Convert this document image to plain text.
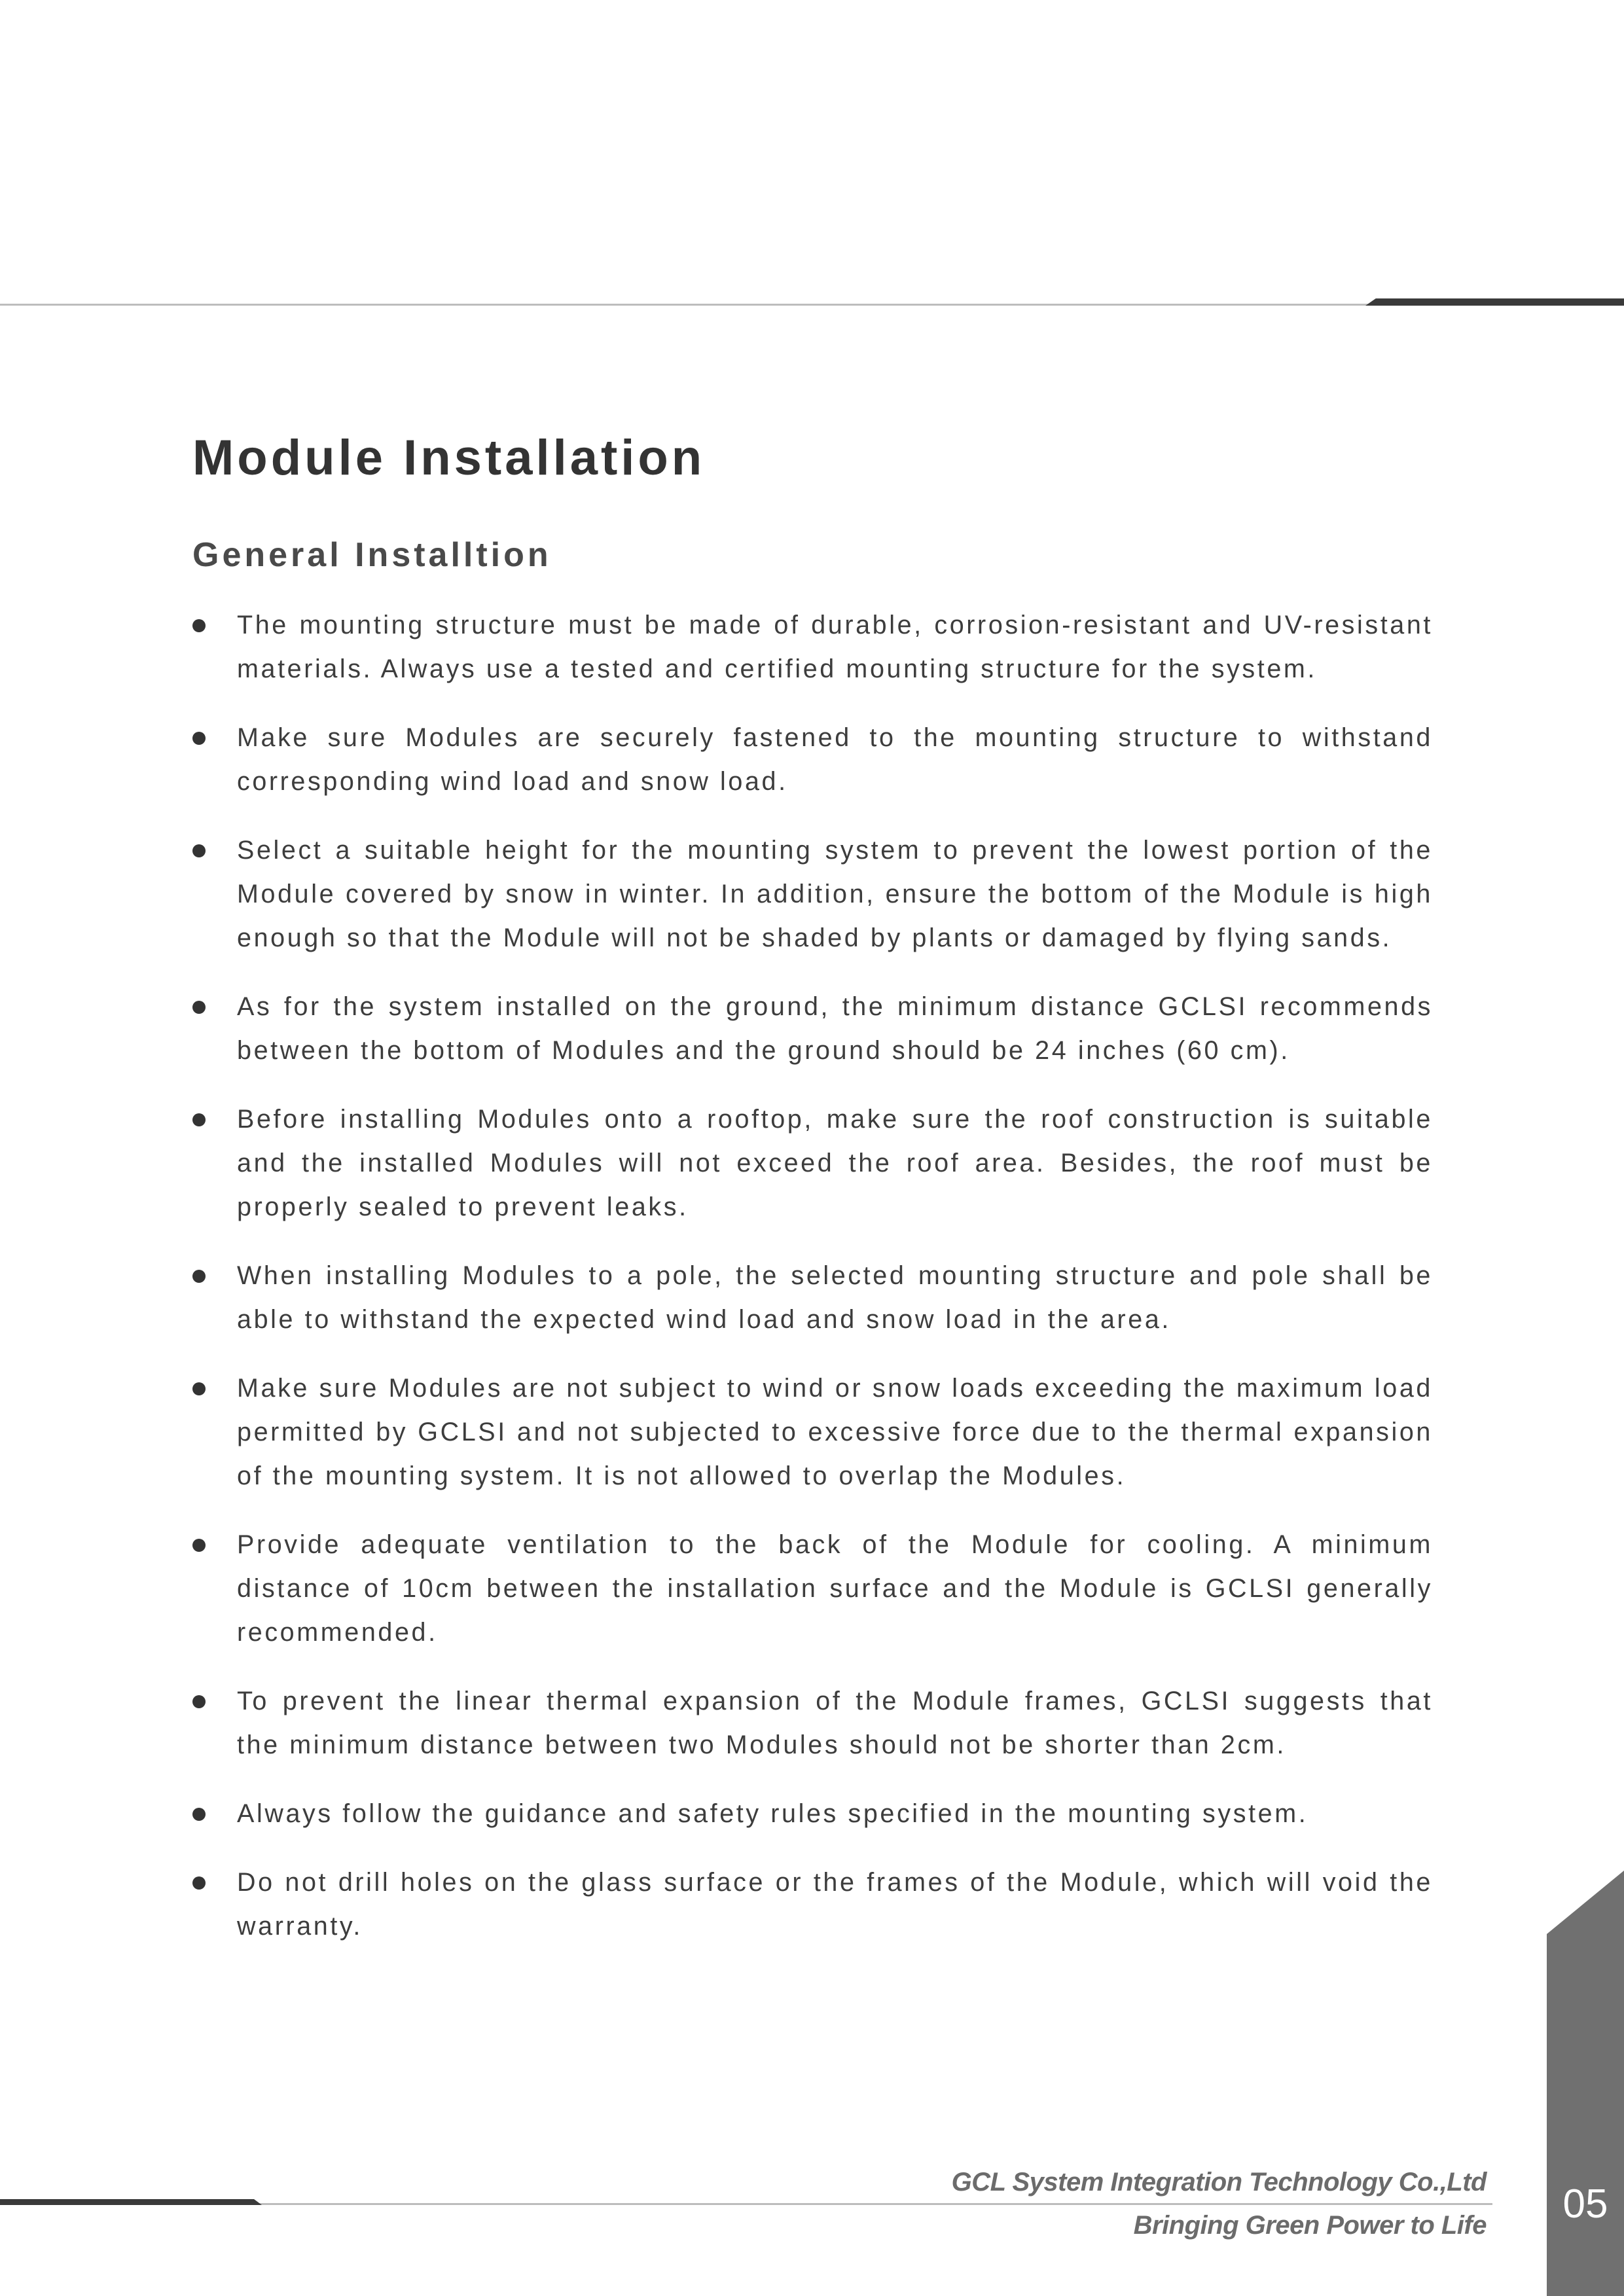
Module Installation
General Installtion
The mounting structure must be made of durable, corrosion-resistant and UV-resistant materials. Always use a tested and certified mounting structure for the system.
Make sure Modules are securely fastened to the mounting structure to withstand corresponding wind load and snow load.
Select a suitable height for the mounting system to prevent the lowest portion of the Module covered by snow in winter. In addition, ensure the bottom of the Module is high enough so that the Module will not be shaded by plants or damaged by flying sands.
As for the system installed on the ground, the minimum distance GCLSI recommends between the bottom of Modules and the ground should be 24 inches (60 cm).
Before installing Modules onto a rooftop, make sure the roof construction is suitable and the installed Modules will not exceed the roof area. Besides, the roof must be properly sealed to prevent leaks.
When installing Modules to a pole, the selected mounting structure and pole shall be able to withstand the expected wind load and snow load in the area.
Make sure Modules are not subject to wind or snow loads exceeding the maximum load permitted by GCLSI and not subjected to excessive force due to the thermal expansion of the mounting system. It is not allowed to overlap the Modules.
Provide adequate ventilation to the back of the Module for cooling. A minimum distance of 10cm between the installation surface and the Module is GCLSI generally recommended.
To prevent the linear thermal expansion of the Module frames, GCLSI suggests that the minimum distance between two Modules should not be shorter than 2cm.
Always follow the guidance and safety rules specified in the mounting system.
Do not drill holes on the glass surface or the frames of the Module, which will void the warranty.
GCL System Integration Technology Co.,Ltd
Bringing Green Power to Life	05
